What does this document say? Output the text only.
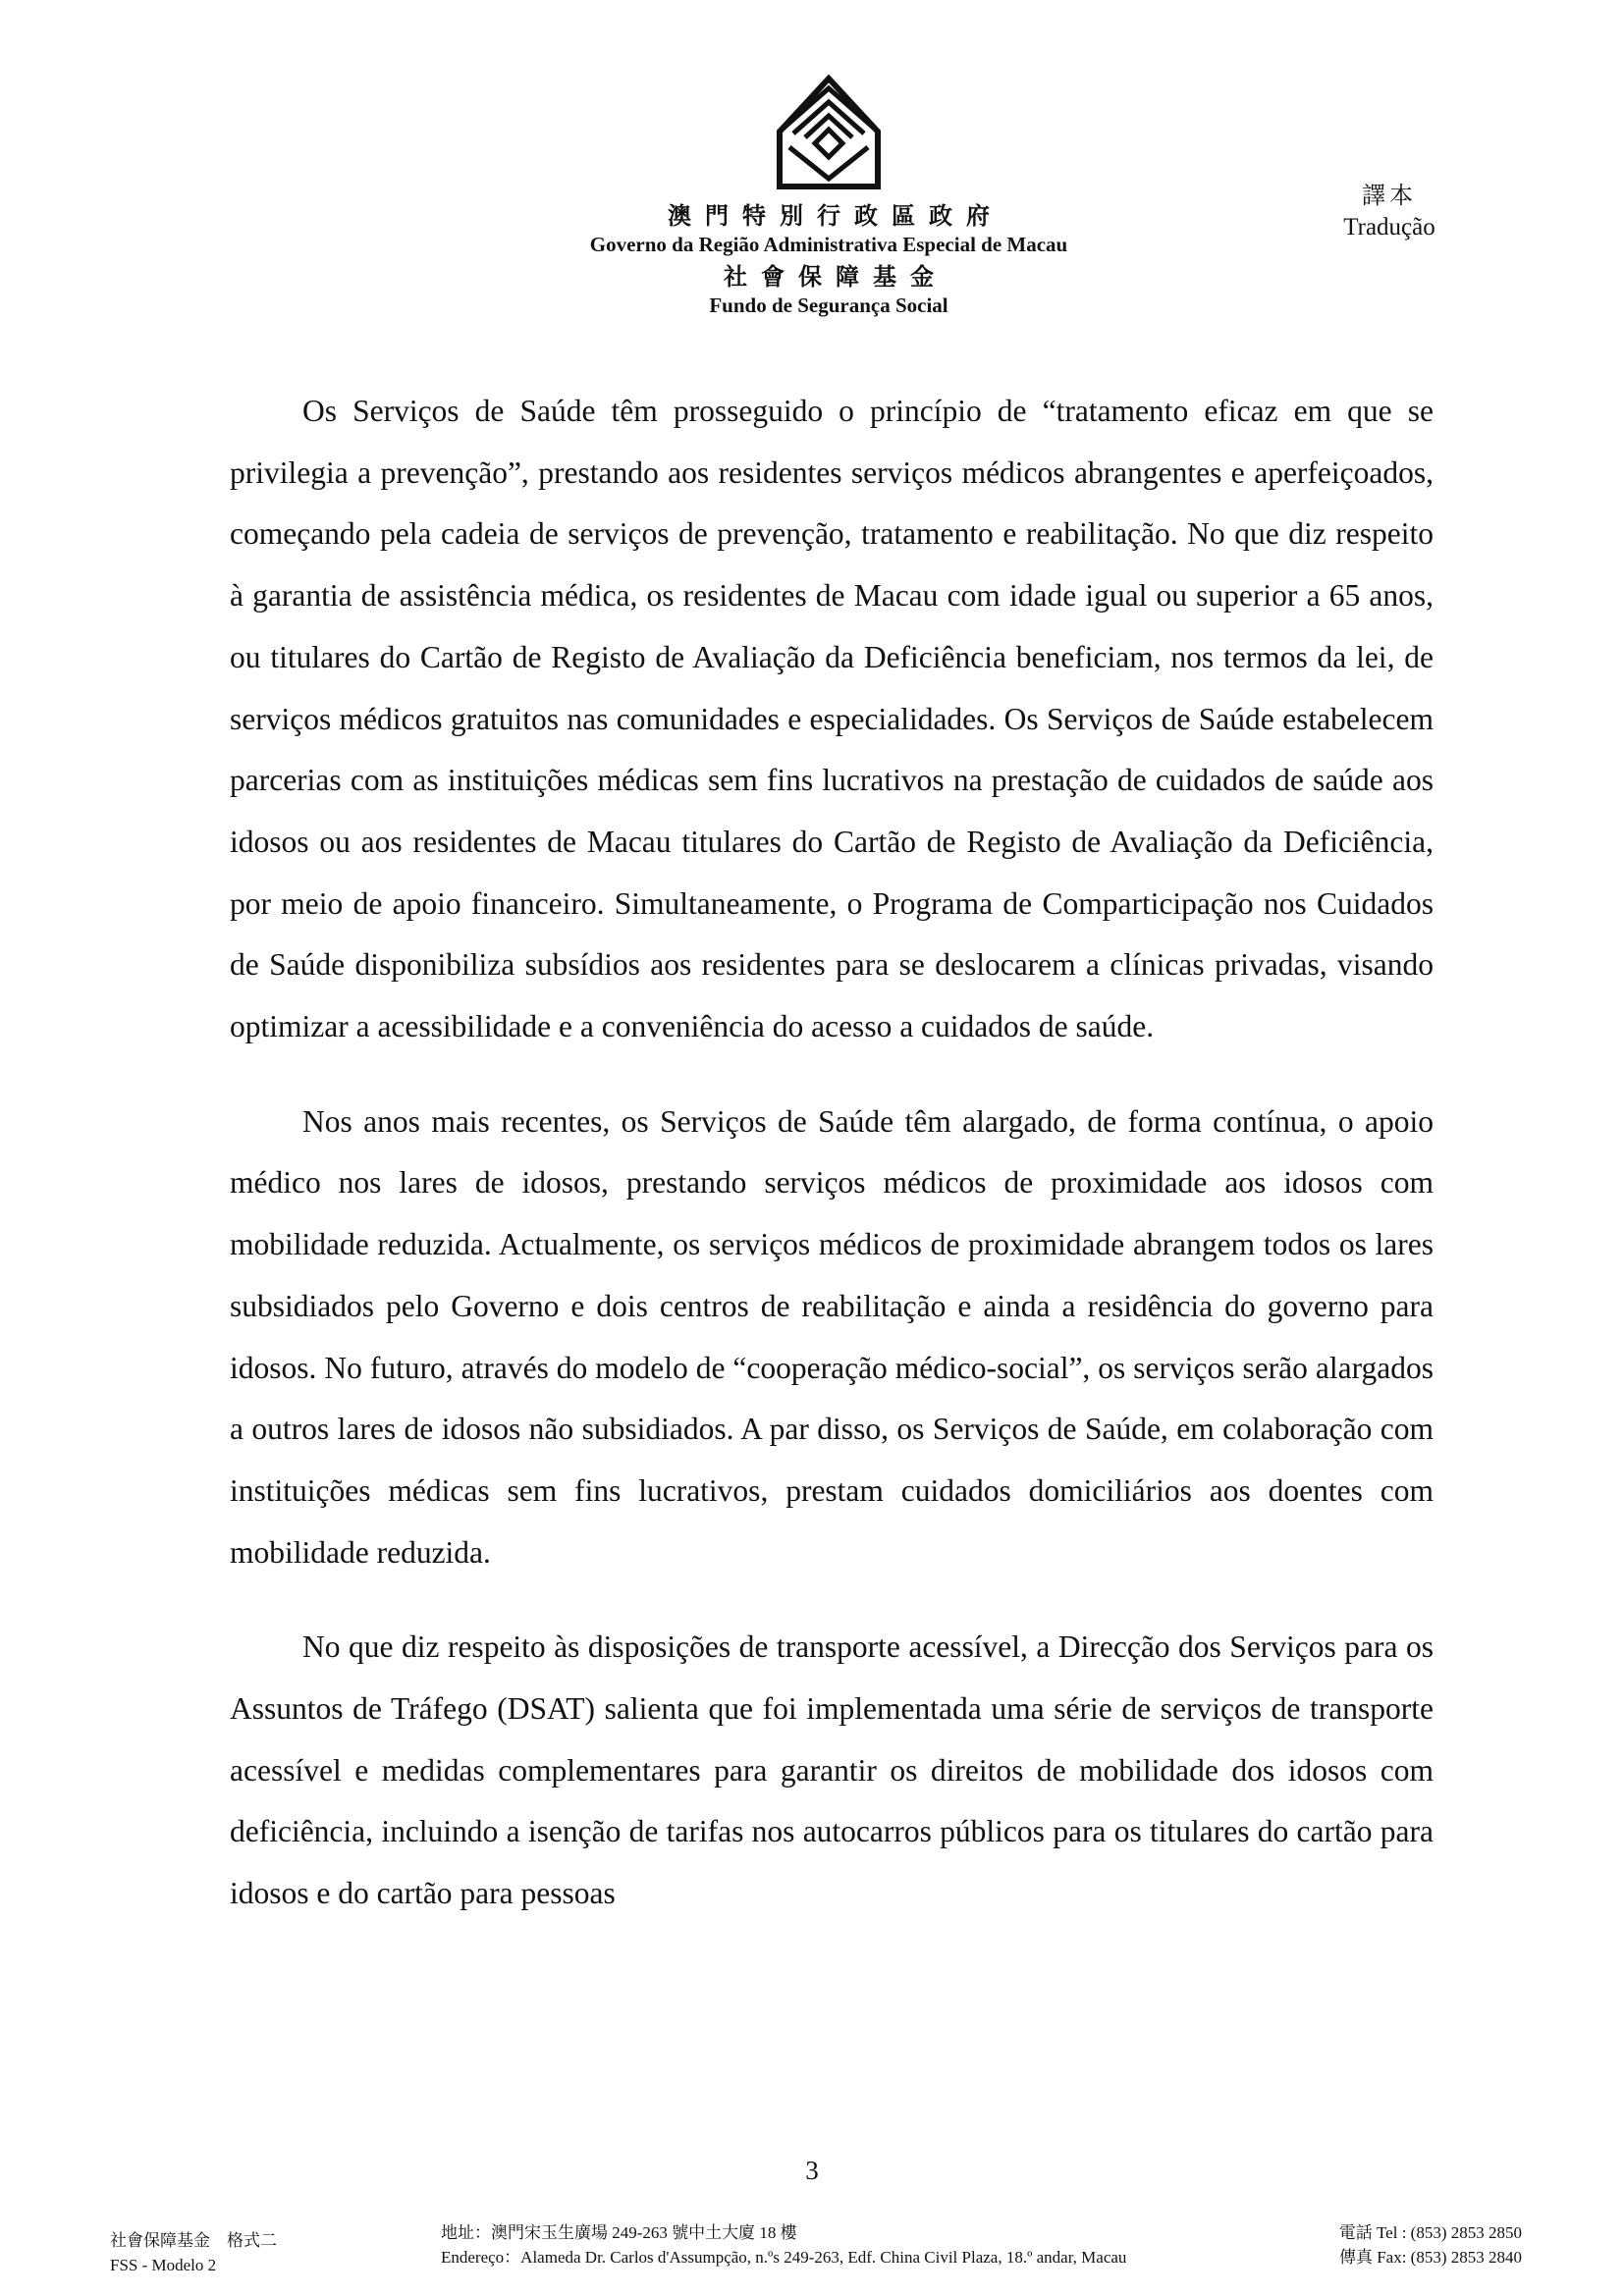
澳門特別行政區政府

Governo da Região Administrativa Especial de Macau

社會保障基金

Fundo de Segurança Social

譯本
Tradução

Os Serviços de Saúde têm prosseguido o princípio de “tratamento eficaz em que se privilegia a prevenção”, prestando aos residentes serviços médicos abrangentes e aperfeiçoados, começando pela cadeia de serviços de prevenção, tratamento e reabilitação. No que diz respeito à garantia de assistência médica, os residentes de Macau com idade igual ou superior a 65 anos, ou titulares do Cartão de Registo de Avaliação da Deficiência beneficiam, nos termos da lei, de serviços médicos gratuitos nas comunidades e especialidades. Os Serviços de Saúde estabelecem parcerias com as instituições médicas sem fins lucrativos na prestação de cuidados de saúde aos idosos ou aos residentes de Macau titulares do Cartão de Registo de Avaliação da Deficiência, por meio de apoio financeiro. Simultaneamente, o Programa de Comparticipação nos Cuidados de Saúde disponibiliza subsídios aos residentes para se deslocarem a clínicas privadas, visando optimizar a acessibilidade e a conveniência do acesso a cuidados de saúde.

Nos anos mais recentes, os Serviços de Saúde têm alargado, de forma contínua, o apoio médico nos lares de idosos, prestando serviços médicos de proximidade aos idosos com mobilidade reduzida. Actualmente, os serviços médicos de proximidade abrangem todos os lares subsidiados pelo Governo e dois centros de reabilitação e ainda a residência do governo para idosos. No futuro, através do modelo de “cooperação médico-social”, os serviços serão alargados a outros lares de idosos não subsidiados. A par disso, os Serviços de Saúde, em colaboração com instituições médicas sem fins lucrativos, prestam cuidados domiciliários aos doentes com mobilidade reduzida.

No que diz respeito às disposições de transporte acessível, a Direcção dos Serviços para os Assuntos de Tráfego (DSAT) salienta que foi implementada uma série de serviços de transporte acessível e medidas complementares para garantir os direitos de mobilidade dos idosos com deficiência, incluindo a isenção de tarifas nos autocarros públicos para os titulares do cartão para idosos e do cartão para pessoas

3
社會保障基金　格式二
FSS - Modelo 2
地址：澳門宋玉生廣場 249-263 號中土大廈 18 樓
Endereço：Alameda Dr. Carlos d'Assumpção, n.ºs 249-263, Edf. China Civil Plaza, 18.º andar, Macau
電話 Tel : (853) 2853 2850
傳真 Fax: (853) 2853 2840
